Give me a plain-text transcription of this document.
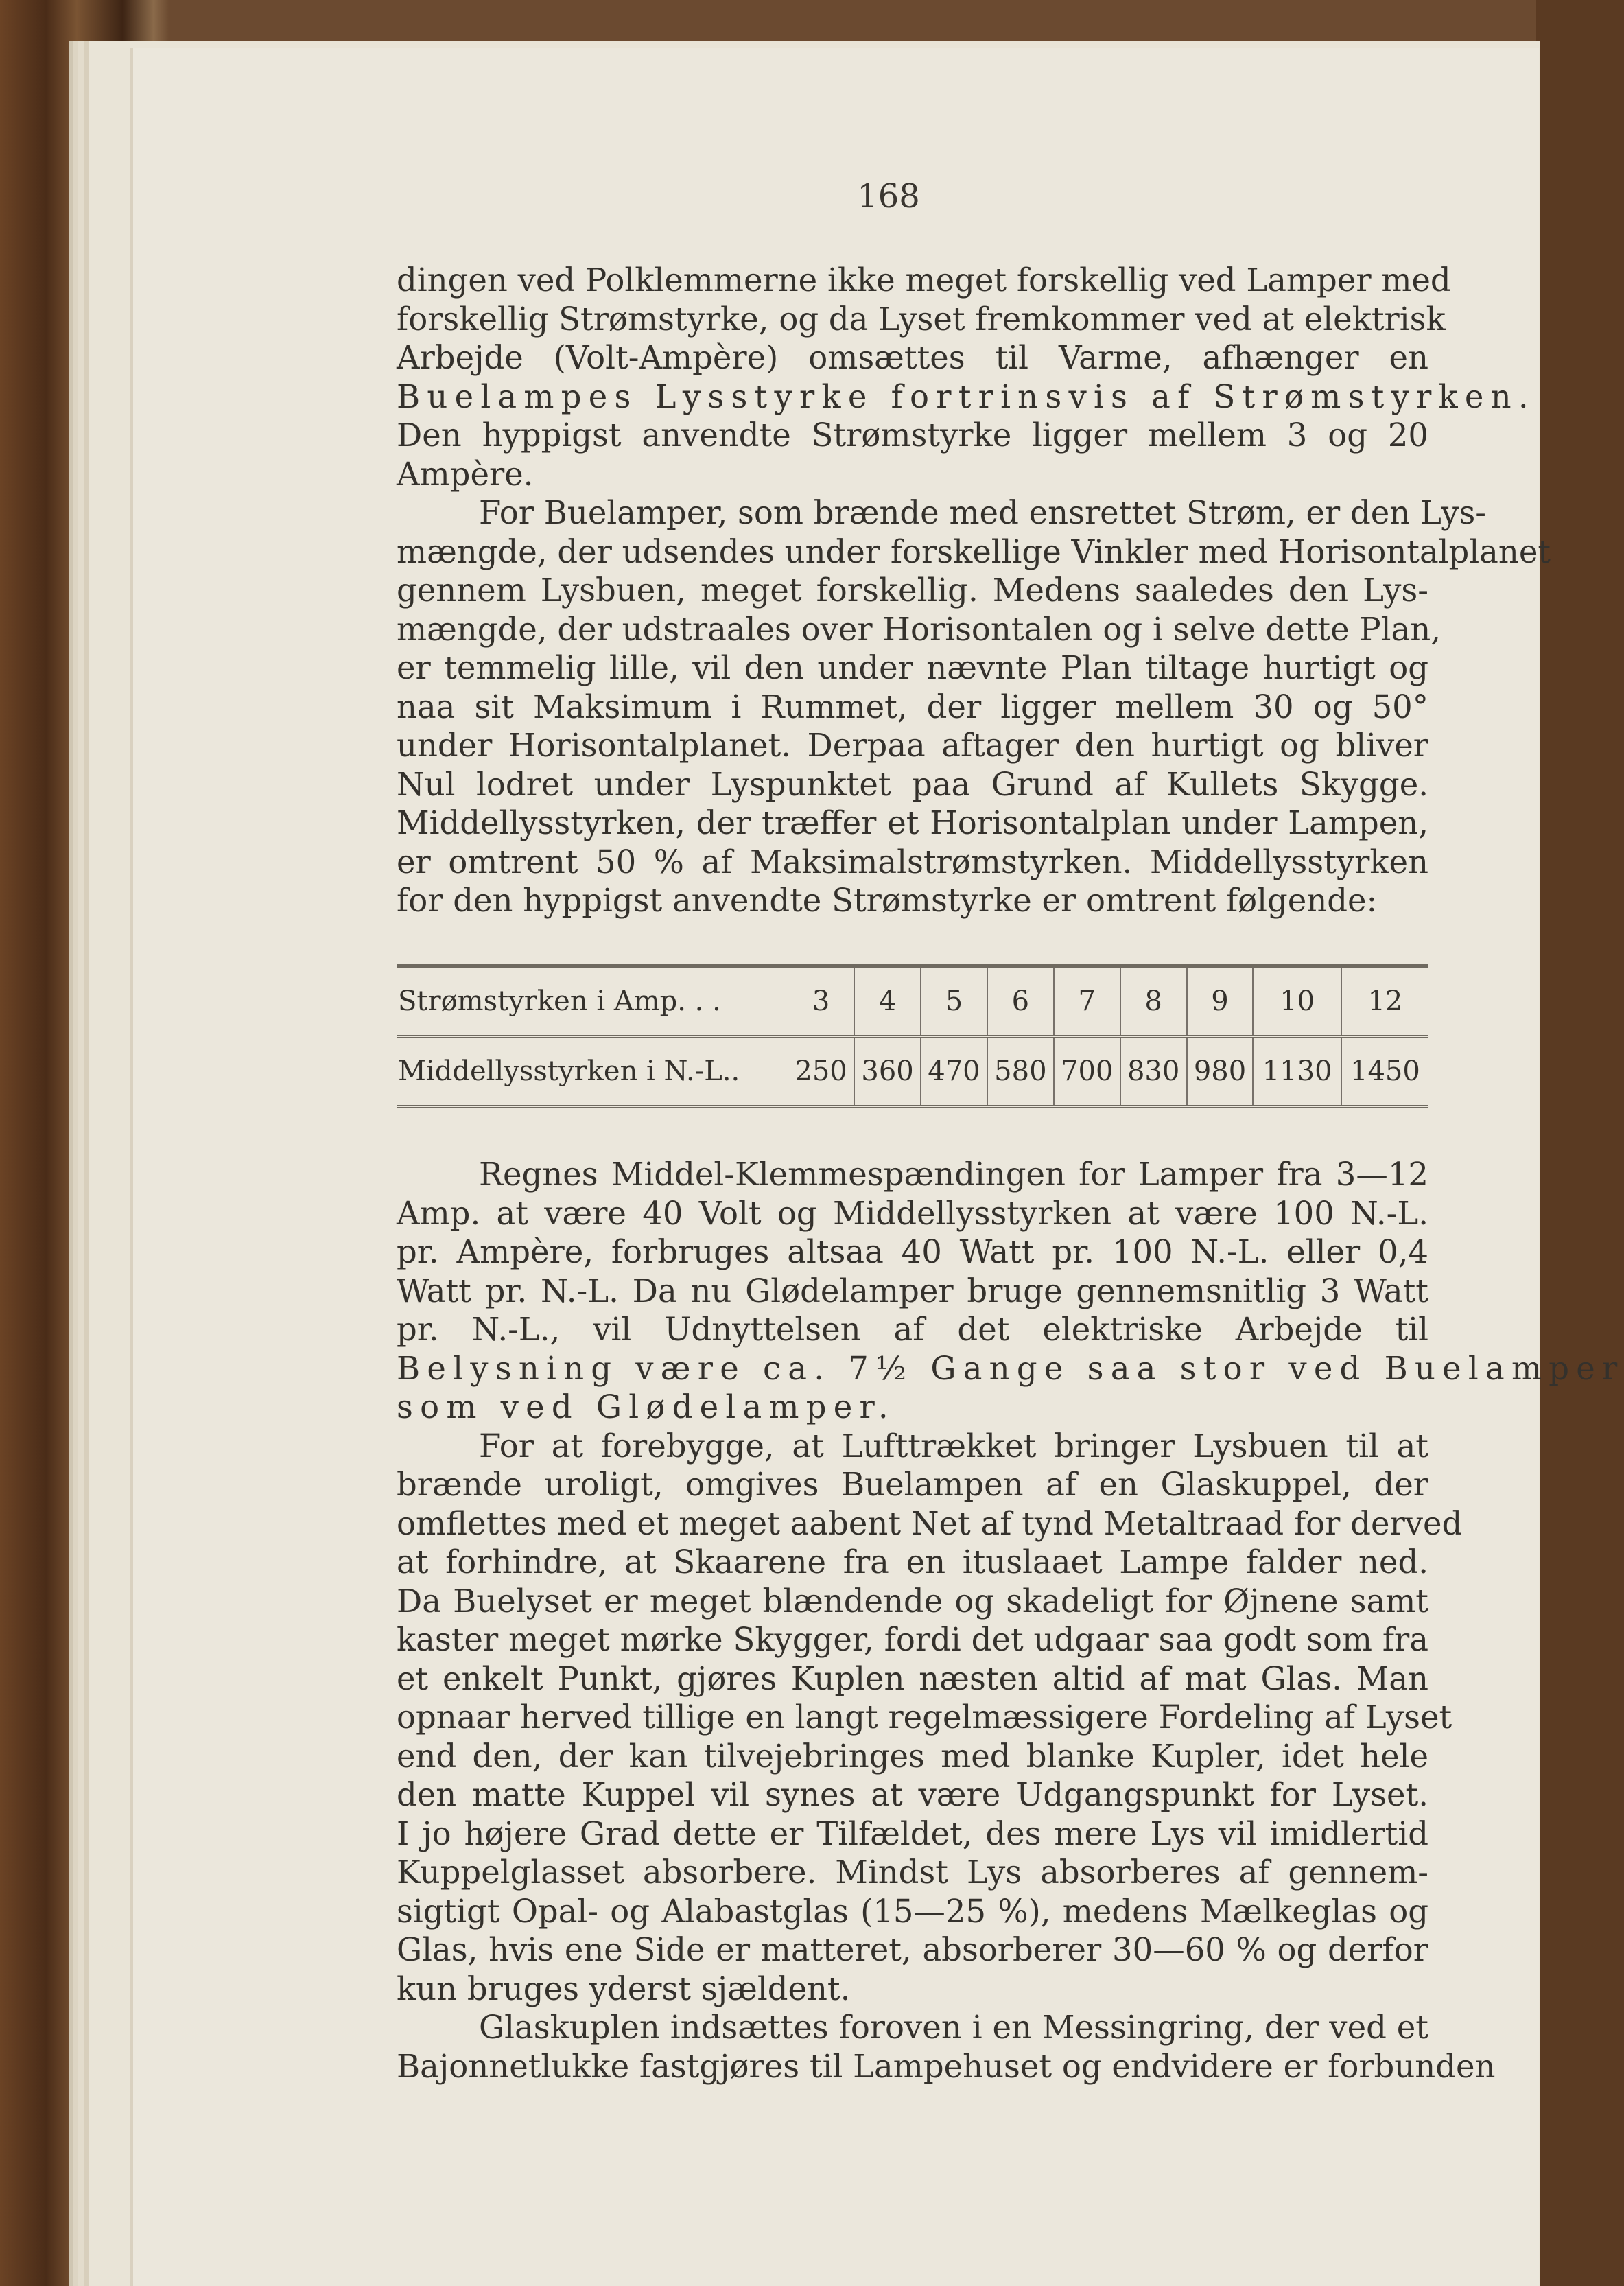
168

dingen ved Polklemmerne ikke meget forskellig ved Lamper med
forskellig Strømstyrke, og da Lyset fremkommer ved at elektrisk
Arbejde (Volt-Ampère) omsættes til Varme, afhænger en
Buelampes Lysstyrke fortrinsvis af Strømstyrken.
Den hyppigst anvendte Strømstyrke ligger mellem 3 og 20
Ampère.

For Buelamper, som brænde med ensrettet Strøm, er den Lys-
mængde, der udsendes under forskellige Vinkler med Horisontalplanet
gennem Lysbuen, meget forskellig. Medens saaledes den Lys-
mængde, der udstraales over Horisontalen og i selve dette Plan,
er temmelig lille, vil den under nævnte Plan tiltage hurtigt og
naa sit Maksimum i Rummet, der ligger mellem 30 og 50°
under Horisontalplanet. Derpaa aftager den hurtigt og bliver
Nul lodret under Lyspunktet paa Grund af Kullets Skygge.
Middellysstyrken, der træffer et Horisontalplan under Lampen,
er omtrent 50 % af Maksimalstrømstyrken. Middellysstyrken
for den hyppigst anvendte Strømstyrke er omtrent følgende:

Strømstyrken i Amp. . .	3	4	5	6	7	8	9	10	12
Middellysstyrken i N.-L..	250	360	470	580	700	830	980	1130	1450

Regnes Middel-Klemmespændingen for Lamper fra 3—12
Amp. at være 40 Volt og Middellysstyrken at være 100 N.-L.
pr. Ampère, forbruges altsaa 40 Watt pr. 100 N.-L. eller 0,4
Watt pr. N.-L. Da nu Glødelamper bruge gennemsnitlig 3 Watt
pr. N.-L., vil Udnyttelsen af det elektriske Arbejde til
Belysning være ca. 7½ Gange saa stor ved Buelamper
som ved Glødelamper.

For at forebygge, at Lufttrækket bringer Lysbuen til at
brænde uroligt, omgives Buelampen af en Glaskuppel, der
omflettes med et meget aabent Net af tynd Metaltraad for derved
at forhindre, at Skaarene fra en ituslaaet Lampe falder ned.
Da Buelyset er meget blændende og skadeligt for Øjnene samt
kaster meget mørke Skygger, fordi det udgaar saa godt som fra
et enkelt Punkt, gjøres Kuplen næsten altid af mat Glas. Man
opnaar herved tillige en langt regelmæssigere Fordeling af Lyset
end den, der kan tilvejebringes med blanke Kupler, idet hele
den matte Kuppel vil synes at være Udgangspunkt for Lyset.
I jo højere Grad dette er Tilfældet, des mere Lys vil imidlertid
Kuppelglasset absorbere. Mindst Lys absorberes af gennem-
sigtigt Opal- og Alabastglas (15—25 %), medens Mælkeglas og
Glas, hvis ene Side er matteret, absorberer 30—60 % og derfor
kun bruges yderst sjældent.

Glaskuplen indsættes foroven i en Messingring, der ved et
Bajonnetlukke fastgjøres til Lampehuset og endvidere er forbunden
